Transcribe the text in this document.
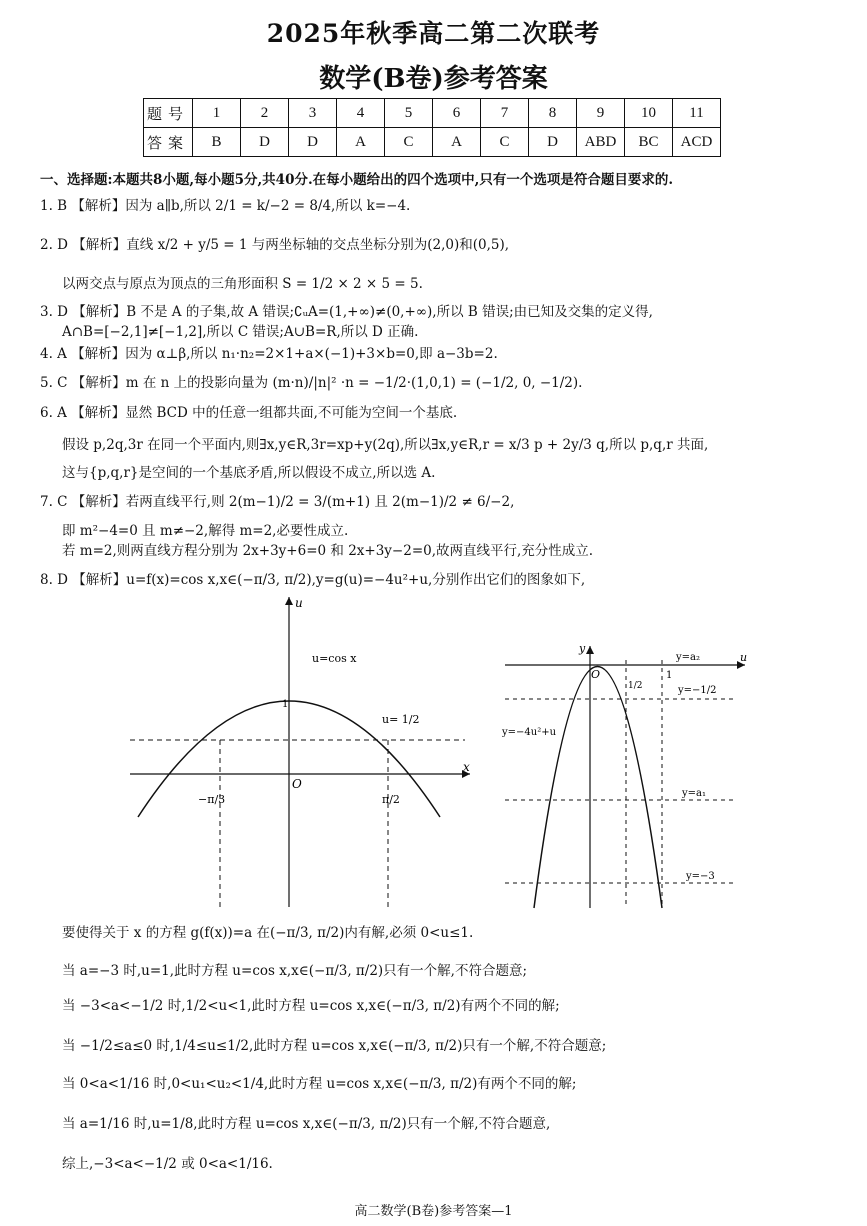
2025年秋季高二第二次联考
数学(B卷)参考答案
题号	1	2	3	4	5	6	7	8	9	10	11
答案	B	D	D	A	C	A	C	D	ABD	BC	ACD
一、选择题:本题共8小题,每小题5分,共40分.在每小题给出的四个选项中,只有一个选项是符合题目要求的.
1. B 【解析】因为 a∥b,所以 2/1 = k/−2 = 8/4,所以 k=−4.
2. D 【解析】直线 x/2 + y/5 = 1 与两坐标轴的交点坐标分别为(2,0)和(0,5),
以两交点与原点为顶点的三角形面积 S = 1/2 × 2 × 5 = 5.
3. D 【解析】B 不是 A 的子集,故 A 错误;∁ᵤA=(1,+∞)≠(0,+∞),所以 B 错误;由已知及交集的定义得,
A∩B=[−2,1]≠[−1,2],所以 C 错误;A∪B=R,所以 D 正确.
4. A 【解析】因为 α⊥β,所以 n₁·n₂=2×1+a×(−1)+3×b=0,即 a−3b=2.
5. C 【解析】m 在 n 上的投影向量为 (m·n)/|n|² ·n = −1/2·(1,0,1) = (−1/2, 0, −1/2).
6. A 【解析】显然 BCD 中的任意一组都共面,不可能为空间一个基底.
假设 p,2q,3r 在同一个平面内,则∃x,y∈R,3r=xp+y(2q),所以∃x,y∈R,r = x/3 p + 2y/3 q,所以 p,q,r 共面,
这与{p,q,r}是空间的一个基底矛盾,所以假设不成立,所以选 A.
7. C 【解析】若两直线平行,则 2(m−1)/2 = 3/(m+1) 且 2(m−1)/2 ≠ 6/−2,
即 m²−4=0 且 m≠−2,解得 m=2,必要性成立.
若 m=2,则两直线方程分别为 2x+3y+6=0 和 2x+3y−2=0,故两直线平行,充分性成立.
8. D 【解析】u=f(x)=cos x,x∈(−π/3, π/2),y=g(u)=−4u²+u,分别作出它们的图象如下,
u
x
O
u=cos x
u= 1/2
1
−π/3	π/2
y
u
O
1/2
1
y=a₂
y=−1/2
y=−4u²+u
y=a₁
y=−3
要使得关于 x 的方程 g(f(x))=a 在(−π/3, π/2)内有解,必须 0<u≤1.
当 a=−3 时,u=1,此时方程 u=cos x,x∈(−π/3, π/2)只有一个解,不符合题意;
当 −3<a<−1/2 时,1/2<u<1,此时方程 u=cos x,x∈(−π/3, π/2)有两个不同的解;
当 −1/2≤a≤0 时,1/4≤u≤1/2,此时方程 u=cos x,x∈(−π/3, π/2)只有一个解,不符合题意;
当 0<a<1/16 时,0<u₁<u₂<1/4,此时方程 u=cos x,x∈(−π/3, π/2)有两个不同的解;
当 a=1/16 时,u=1/8,此时方程 u=cos x,x∈(−π/3, π/2)只有一个解,不符合题意,
综上,−3<a<−1/2 或 0<a<1/16.
高二数学(B卷)参考答案—1
